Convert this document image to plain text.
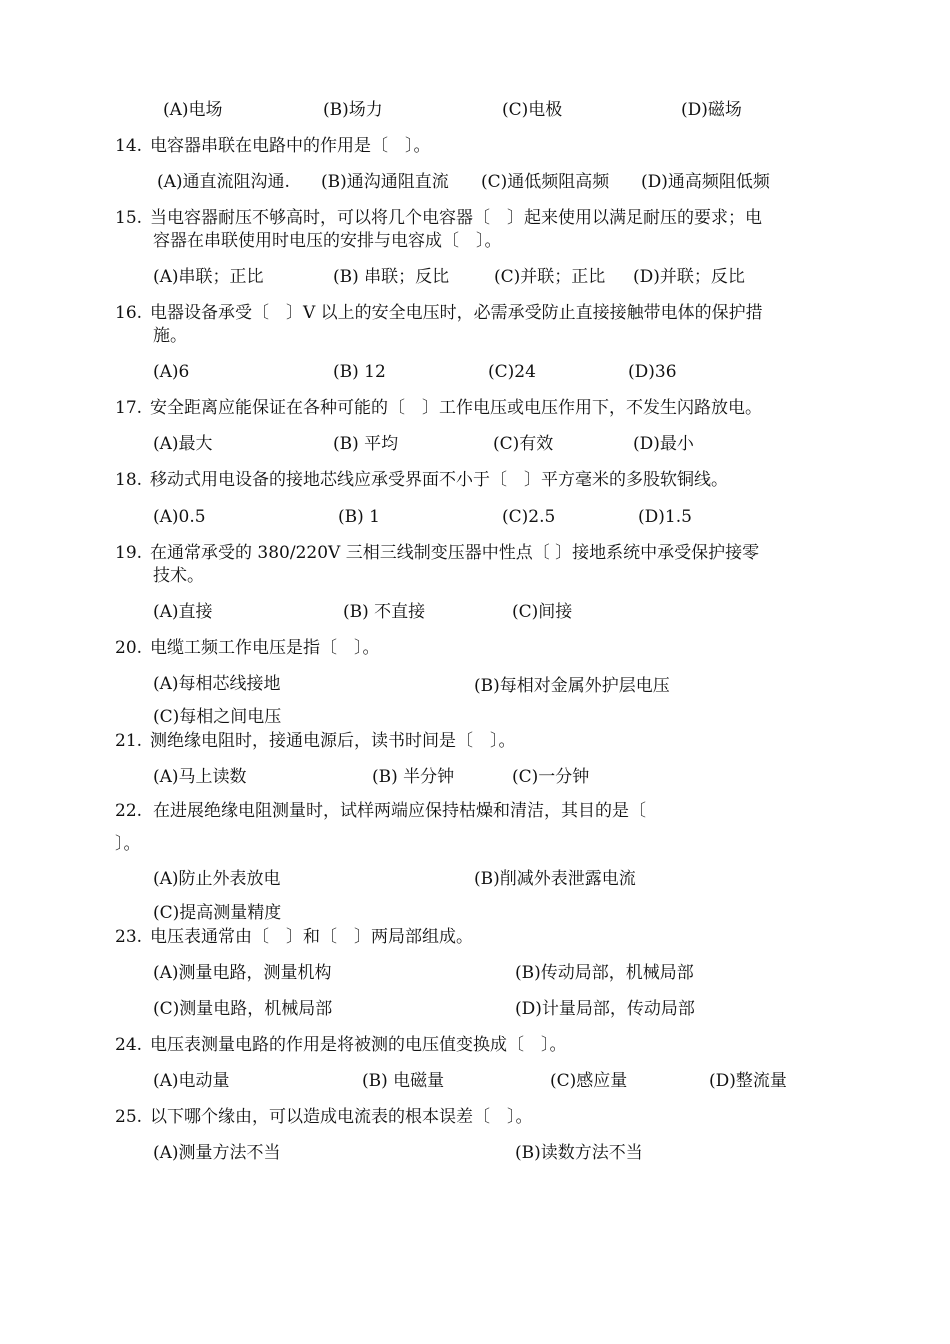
(A)电场	(B)场力	(C)电极	(D)磁场
14. 电容器串联在电路中的作用是〔　〕。
(A)通直流阻沟通. (B)通沟通阻直流 (C)通低频阻高频 (D)通高频阻低频
15. 当电容器耐压不够高时，可以将几个电容器〔　〕起来使用以满足耐压的要求；电
容器在串联使用时电压的安排与电容成〔　〕。
(A)串联；正比	(B) 串联；反比	(C)并联；正比 (D)并联；反比
16. 电器设备承受〔　〕V 以上的安全电压时，必需承受防止直接接触带电体的保护措
施。
(A)6	(B) 12	(C)24	(D)36
17. 安全距离应能保证在各种可能的〔　〕工作电压或电压作用下，不发生闪路放电。
(A)最大	(B) 平均	(C)有效	(D)最小
18. 移动式用电设备的接地芯线应承受界面不小于〔　〕平方毫米的多股软铜线。
(A)0.5	(B) 1	(C)2.5	(D)1.5
19. 在通常承受的 380/220V 三相三线制变压器中性点〔 〕接地系统中承受保护接零
技术。
(A)直接	(B) 不直接	(C)间接
20. 电缆工频工作电压是指〔　〕。
(A)每相芯线接地	(B)每相对金属外护层电压
(C)每相之间电压
21. 测绝缘电阻时，接通电源后，读书时间是〔　〕。
(A)马上读数	(B) 半分钟	(C)一分钟
22. 在进展绝缘电阻测量时，试样两端应保持枯燥和清洁，其目的是〔
〕。
(A)防止外表放电	(B)削减外表泄露电流
(C)提高测量精度
23. 电压表通常由〔　〕和〔　〕两局部组成。
(A)测量电路，测量机构	(B)传动局部，机械局部
(C)测量电路，机械局部	(D)计量局部，传动局部
24. 电压表测量电路的作用是将被测的电压值变换成〔　〕。
(A)电动量	(B) 电磁量	(C)感应量	(D)整流量
25. 以下哪个缘由，可以造成电流表的根本误差〔　〕。
(A)测量方法不当	(B)读数方法不当
